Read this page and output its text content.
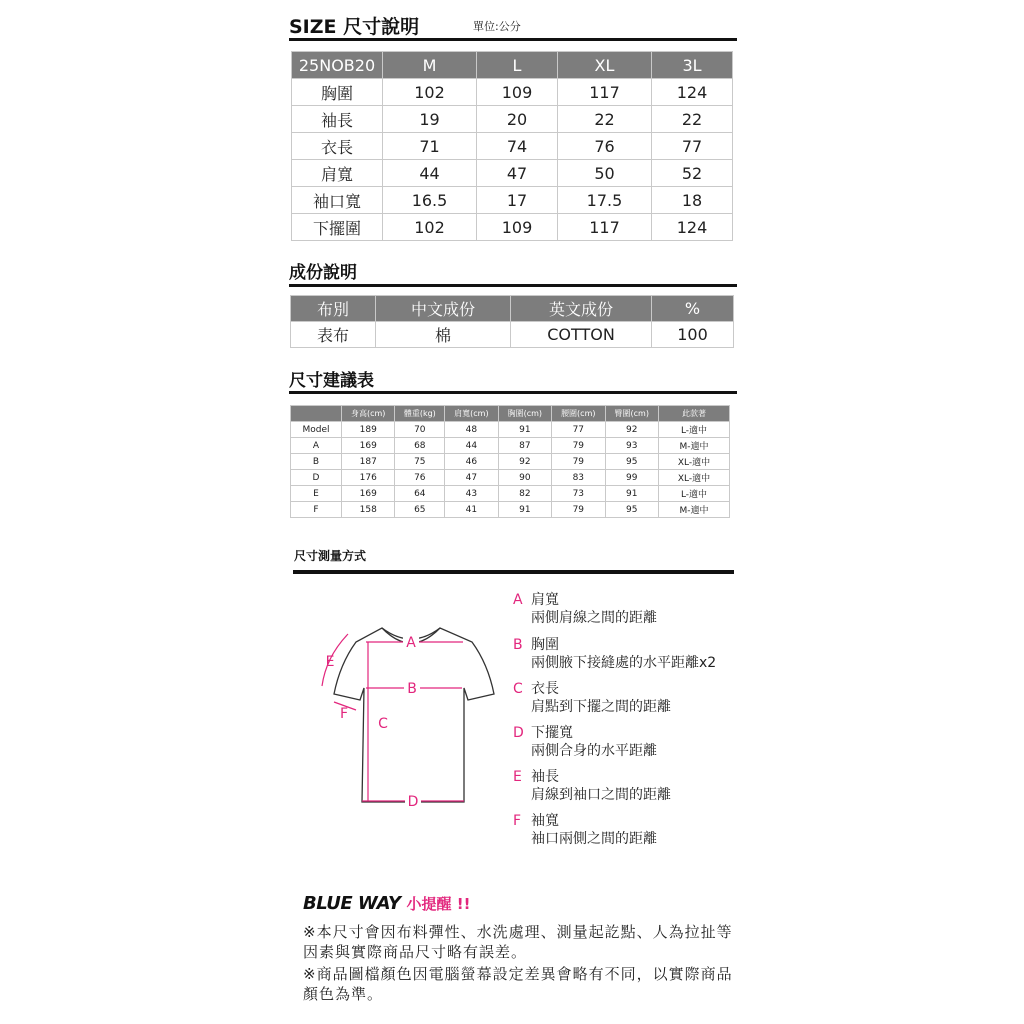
SIZE 尺寸說明	單位:公分
25NOB20	M	L	XL	3L
胸圍	102	109	117	124
袖長	19	20	22	22
衣長	71	74	76	77
肩寬	44	47	50	52
袖口寬	16.5	17	17.5	18
下擺圍	102	109	117	124
成份說明
布別	中文成份	英文成份	%
表布	棉	COTTON	100
尺寸建議表
	身高(cm)	體重(kg)	肩寬(cm)	胸圍(cm)	腰圍(cm)	臀圍(cm)	此款著
Model	189	70	48	91	77	92	L-適中
A	169	68	44	87	79	93	M-適中
B	187	75	46	92	79	95	XL-適中
D	176	76	47	90	83	99	XL-適中
E	169	64	43	82	73	91	L-適中
F	158	65	41	91	79	95	M-適中
尺寸測量方式
A
B
C
D
E
F
A 肩寬
兩側肩線之間的距離
B 胸圍
兩側腋下接縫處的水平距離x2
C 衣長
肩點到下擺之間的距離
D 下擺寬
兩側合身的水平距離
E 袖長
肩線到袖口之間的距離
F 袖寬
袖口兩側之間的距離
BLUE WAY 小提醒 !!
※本尺寸會因布料彈性、水洗處理、測量起訖點、人為拉扯等因素與實際商品尺寸略有誤差。
※商品圖檔顏色因電腦螢幕設定差異會略有不同，以實際商品顏色為準。
